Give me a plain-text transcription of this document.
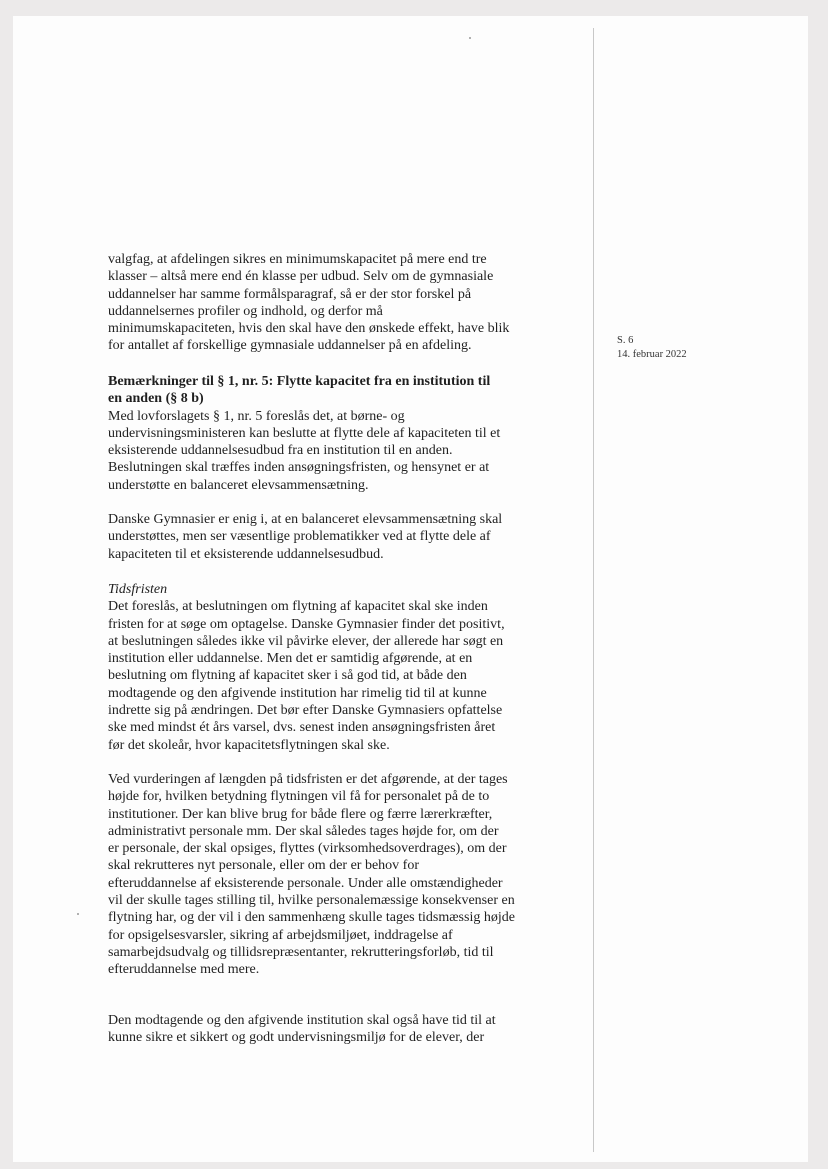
S. 6
14. februar 2022

valgfag, at afdelingen sikres en minimumskapacitet på mere end tre

klasser – altså mere end én klasse per udbud. Selv om de gymnasiale

uddannelser har samme formålsparagraf, så er der stor forskel på

uddannelsernes profiler og indhold, og derfor må

minimumskapaciteten, hvis den skal have den ønskede effekt, have blik

for antallet af forskellige gymnasiale uddannelser på en afdeling.

Bemærkninger til § 1, nr. 5: Flytte kapacitet fra en institution til

en anden (§ 8 b)

Med lovforslagets § 1, nr. 5 foreslås det, at børne- og

undervisningsministeren kan beslutte at flytte dele af kapaciteten til et

eksisterende uddannelsesudbud fra en institution til en anden.

Beslutningen skal træffes inden ansøgningsfristen, og hensynet er at

understøtte en balanceret elevsammensætning.

Danske Gymnasier er enig i, at en balanceret elevsammensætning skal

understøttes, men ser væsentlige problematikker ved at flytte dele af

kapaciteten til et eksisterende uddannelsesudbud.

Tidsfristen

Det foreslås, at beslutningen om flytning af kapacitet skal ske inden

fristen for at søge om optagelse. Danske Gymnasier finder det positivt,

at beslutningen således ikke vil påvirke elever, der allerede har søgt en

institution eller uddannelse. Men det er samtidig afgørende, at en

beslutning om flytning af kapacitet sker i så god tid, at både den

modtagende og den afgivende institution har rimelig tid til at kunne

indrette sig på ændringen. Det bør efter Danske Gymnasiers opfattelse

ske med mindst ét års varsel, dvs. senest inden ansøgningsfristen året

før det skoleår, hvor kapacitetsflytningen skal ske.

Ved vurderingen af længden på tidsfristen er det afgørende, at der tages

højde for, hvilken betydning flytningen vil få for personalet på de to

institutioner. Der kan blive brug for både flere og færre lærerkræfter,

administrativt personale mm. Der skal således tages højde for, om der

er personale, der skal opsiges, flyttes (virksomhedsoverdrages), om der

skal rekrutteres nyt personale, eller om der er behov for

efteruddannelse af eksisterende personale. Under alle omstændigheder

vil der skulle tages stilling til, hvilke personalemæssige konsekvenser en

flytning har, og der vil i den sammenhæng skulle tages tidsmæssig højde

for opsigelsesvarsler, sikring af arbejdsmiljøet, inddragelse af

samarbejdsudvalg og tillidsrepræsentanter, rekrutteringsforløb, tid til

efteruddannelse med mere.

Den modtagende og den afgivende institution skal også have tid til at

kunne sikre et sikkert og godt undervisningsmiljø for de elever, der
